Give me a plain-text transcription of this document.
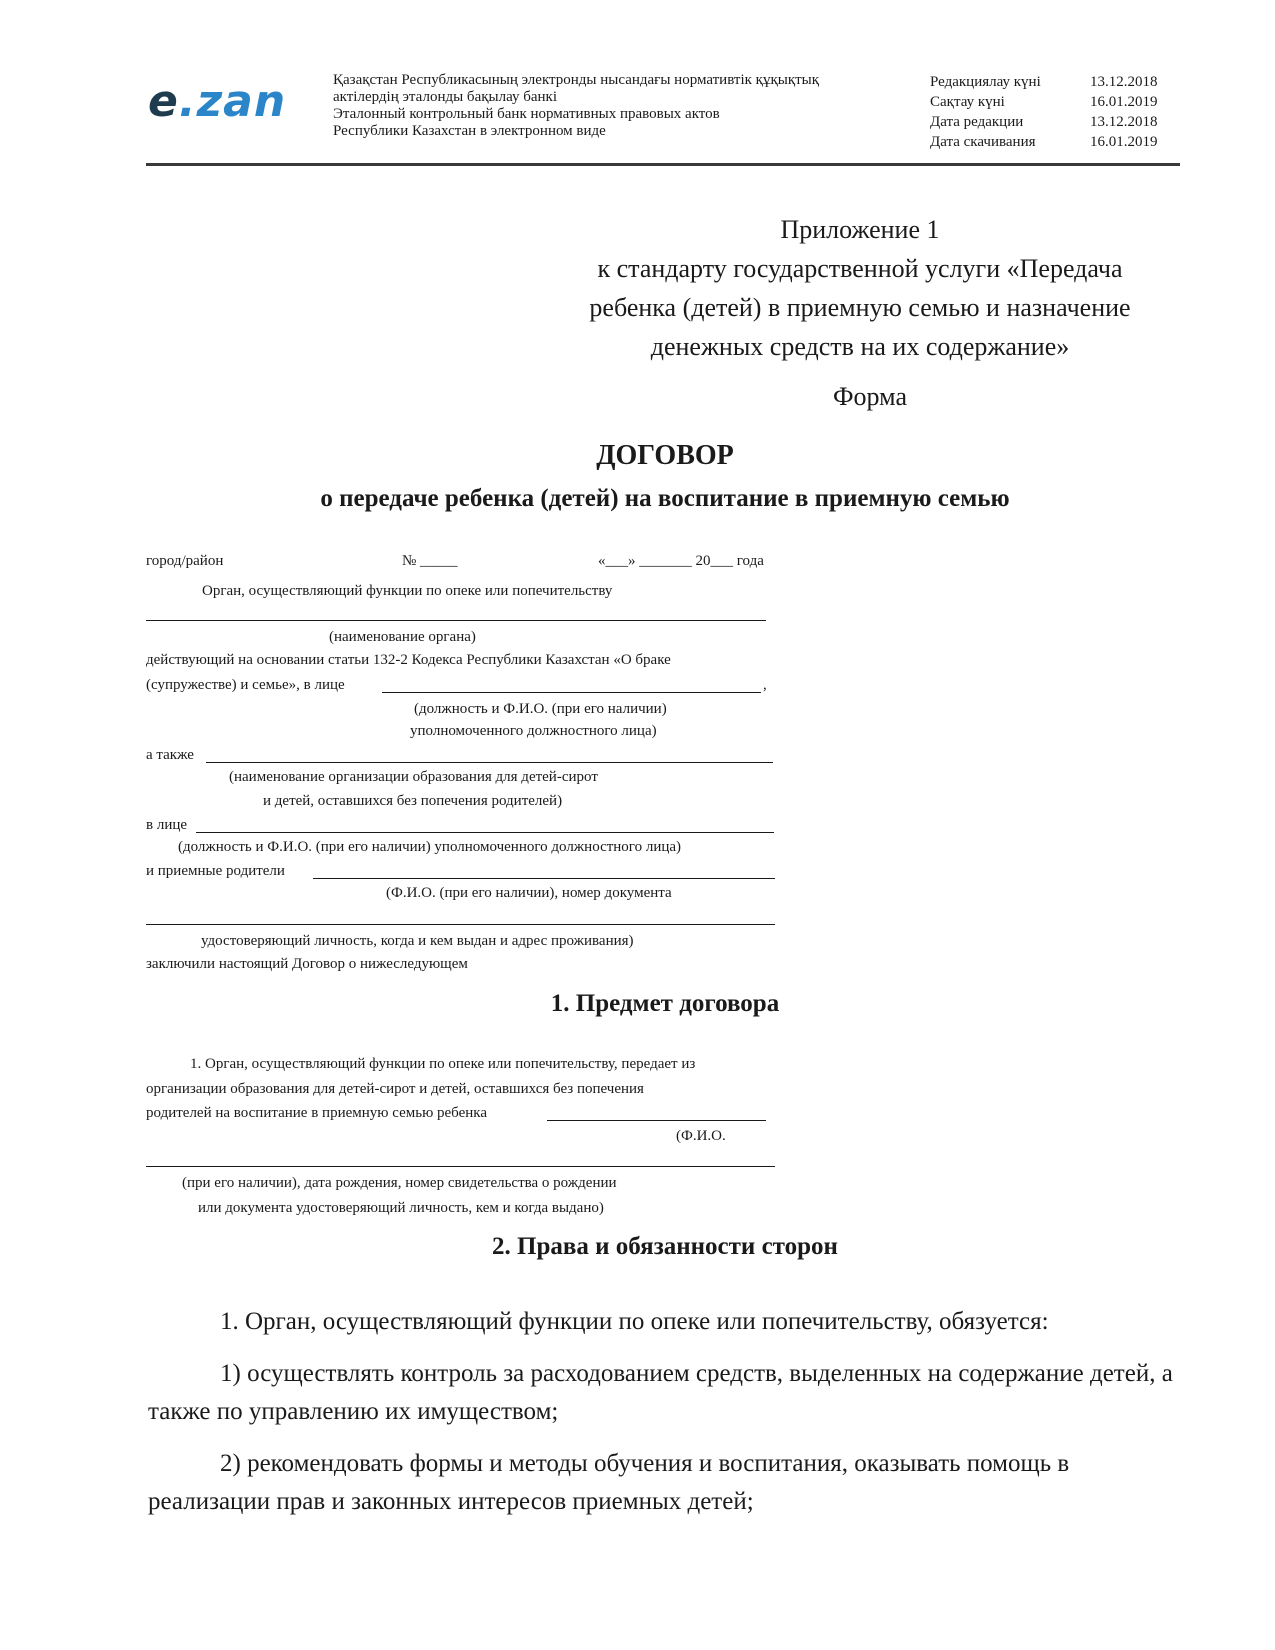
e.zan	Қазақстан Республикасының электронды нысандағы нормативтік құқықтық
актілердің эталонды бақылау банкі
Эталонный контрольный банк нормативных правовых актов
Республики Казахстан в электронном виде
Редакциялау күні	13.12.2018
Сақтау күні	16.01.2019
Дата редакции	13.12.2018
Дата скачивания	16.01.2019
Приложение 1
к стандарту государственной услуги «Передача
ребенка (детей) в приемную семью и назначение
денежных средств на их содержание»
Форма
ДОГОВОР
о передаче ребенка (детей) на воспитание в приемную семью
город/район	№ _____	«___» _______ 20___ года
Орган, осуществляющий функции по опеке или попечительству
(наименование органа)
действующий на основании статьи 132-2 Кодекса Республики Казахстан «О браке
(супружестве) и семье», в лице	,
(должность и Ф.И.О. (при его наличии)
уполномоченного должностного лица)
а также
(наименование организации образования для детей-сирот
и детей, оставшихся без попечения родителей)
в лице
(должность и Ф.И.О. (при его наличии) уполномоченного должностного лица)
и приемные родители
(Ф.И.О. (при его наличии), номер документа
удостоверяющий личность, когда и кем выдан и адрес проживания)
заключили настоящий Договор о нижеследующем
1. Предмет договора
1. Орган, осуществляющий функции по опеке или попечительству, передает из
организации образования для детей-сирот и детей, оставшихся без попечения
родителей на воспитание в приемную семью ребенка
(Ф.И.О.
(при его наличии), дата рождения, номер свидетельства о рождении
или документа удостоверяющий личность, кем и когда выдано)
2. Права и обязанности сторон

1. Орган, осуществляющий функции по опеке или попечительству, обязуется:

1) осуществлять контроль за расходованием средств, выделенных на содержание детей, а также по управлению их имуществом;

2) рекомендовать формы и методы обучения и воспитания, оказывать помощь в реализации прав и законных интересов приемных детей;
